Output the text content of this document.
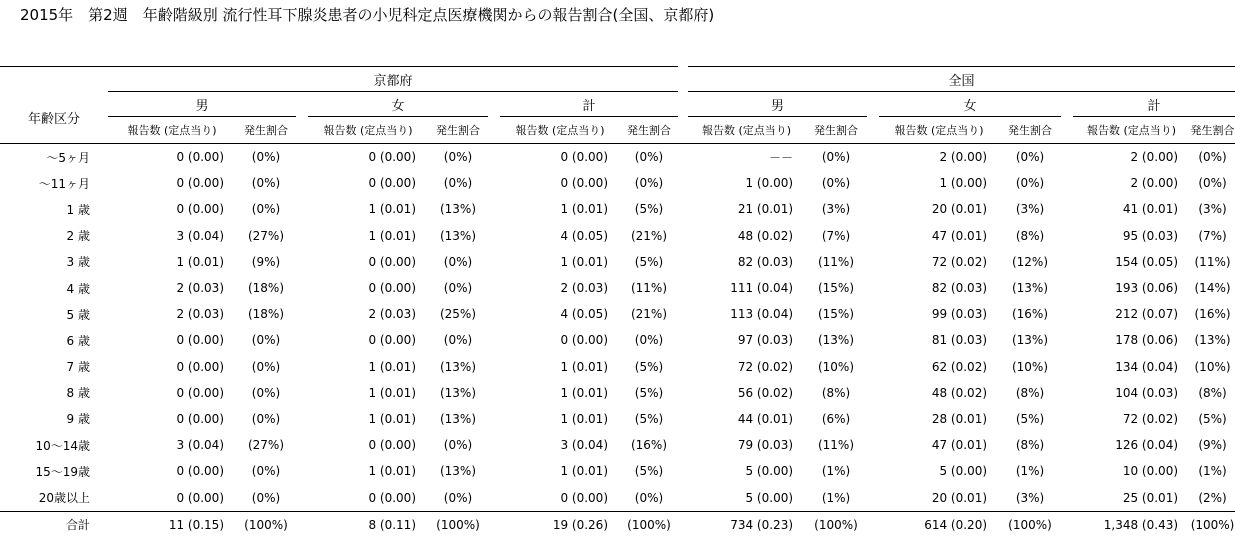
2015年　第2週　年齢階級別 流行性耳下腺炎患者の小児科定点医療機関からの報告割合(全国、京都府)
	京都府									全国							
年齢区分	男			女			計			男			女			計	
	報告数 (定点当り)	発生割合		報告数 (定点当り)	発生割合		報告数 (定点当り)	発生割合		報告数 (定点当り)	発生割合		報告数 (定点当り)	発生割合		報告数 (定点当り)	発生割合
～5ヶ月	0 (0.00)	(0%)		0 (0.00)	(0%)		0 (0.00)	(0%)		－－	(0%)		2 (0.00)	(0%)		2 (0.00)	(0%)
～11ヶ月	0 (0.00)	(0%)		0 (0.00)	(0%)		0 (0.00)	(0%)		1 (0.00)	(0%)		1 (0.00)	(0%)		2 (0.00)	(0%)
1 歳	0 (0.00)	(0%)		1 (0.01)	(13%)		1 (0.01)	(5%)		21 (0.01)	(3%)		20 (0.01)	(3%)		41 (0.01)	(3%)
2 歳	3 (0.04)	(27%)		1 (0.01)	(13%)		4 (0.05)	(21%)		48 (0.02)	(7%)		47 (0.01)	(8%)		95 (0.03)	(7%)
3 歳	1 (0.01)	(9%)		0 (0.00)	(0%)		1 (0.01)	(5%)		82 (0.03)	(11%)		72 (0.02)	(12%)		154 (0.05)	(11%)
4 歳	2 (0.03)	(18%)		0 (0.00)	(0%)		2 (0.03)	(11%)		111 (0.04)	(15%)		82 (0.03)	(13%)		193 (0.06)	(14%)
5 歳	2 (0.03)	(18%)		2 (0.03)	(25%)		4 (0.05)	(21%)		113 (0.04)	(15%)		99 (0.03)	(16%)		212 (0.07)	(16%)
6 歳	0 (0.00)	(0%)		0 (0.00)	(0%)		0 (0.00)	(0%)		97 (0.03)	(13%)		81 (0.03)	(13%)		178 (0.06)	(13%)
7 歳	0 (0.00)	(0%)		1 (0.01)	(13%)		1 (0.01)	(5%)		72 (0.02)	(10%)		62 (0.02)	(10%)		134 (0.04)	(10%)
8 歳	0 (0.00)	(0%)		1 (0.01)	(13%)		1 (0.01)	(5%)		56 (0.02)	(8%)		48 (0.02)	(8%)		104 (0.03)	(8%)
9 歳	0 (0.00)	(0%)		1 (0.01)	(13%)		1 (0.01)	(5%)		44 (0.01)	(6%)		28 (0.01)	(5%)		72 (0.02)	(5%)
10～14歳	3 (0.04)	(27%)		0 (0.00)	(0%)		3 (0.04)	(16%)		79 (0.03)	(11%)		47 (0.01)	(8%)		126 (0.04)	(9%)
15～19歳	0 (0.00)	(0%)		1 (0.01)	(13%)		1 (0.01)	(5%)		5 (0.00)	(1%)		5 (0.00)	(1%)		10 (0.00)	(1%)
20歳以上	0 (0.00)	(0%)		0 (0.00)	(0%)		0 (0.00)	(0%)		5 (0.00)	(1%)		20 (0.01)	(3%)		25 (0.01)	(2%)
合計	11 (0.15)	(100%)		8 (0.11)	(100%)		19 (0.26)	(100%)		734 (0.23)	(100%)		614 (0.20)	(100%)		1,348 (0.43)	(100%)
